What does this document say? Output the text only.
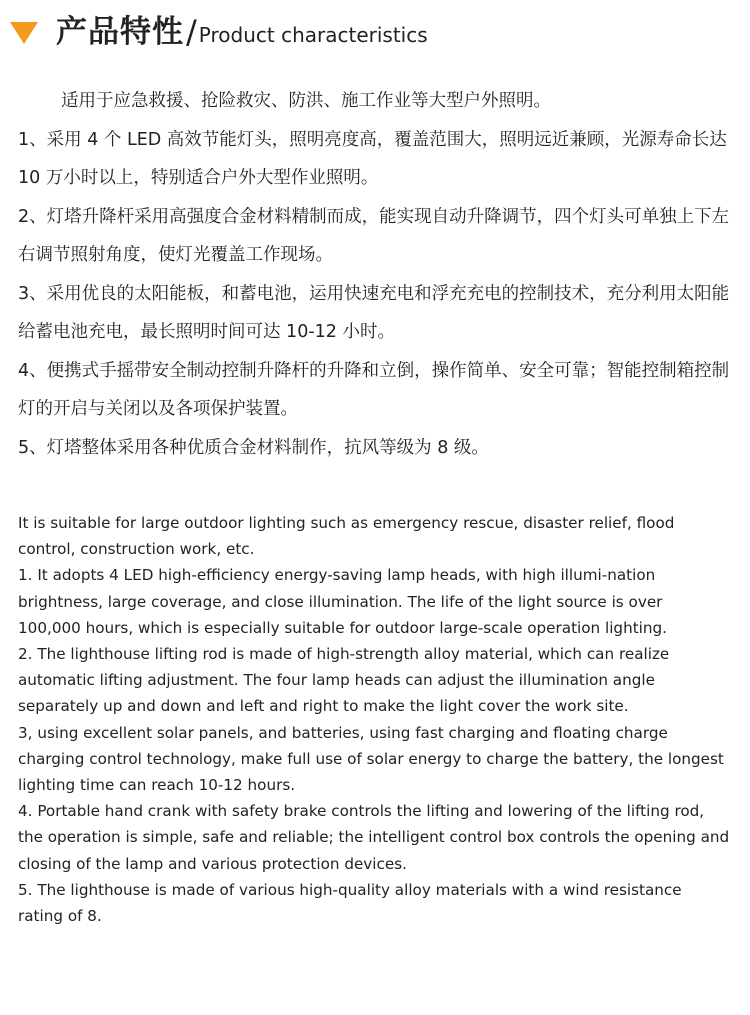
产品特性 / Product characteristics

适用于应急救援、抢险救灾、防洪、施工作业等大型户外照明。

1、采用 4 个 LED 高效节能灯头，照明亮度高，覆盖范围大，照明远近兼顾，光源寿命长达 10 万小时以上，特别适合户外大型作业照明。

2、灯塔升降杆采用高强度合金材料精制而成，能实现自动升降调节，四个灯头可单独上下左右调节照射角度，使灯光覆盖工作现场。

3、采用优良的太阳能板，和蓄电池，运用快速充电和浮充充电的控制技术，充分利用太阳能给蓄电池充电，最长照明时间可达 10-12 小时。

4、便携式手摇带安全制动控制升降杆的升降和立倒，操作简单、安全可靠；智能控制箱控制灯的开启与关闭以及各项保护装置。

5、灯塔整体采用各种优质合金材料制作，抗风等级为 8 级。

It is suitable for large outdoor lighting such as emergency rescue, disaster relief, flood control, construction work, etc.

1. It adopts 4 LED high-efficiency energy-saving lamp heads, with high illumi-nation brightness, large coverage, and close illumination. The life of the light source is over 100,000 hours, which is especially suitable for outdoor large-scale operation lighting.

2. The lighthouse lifting rod is made of high-strength alloy material, which can realize automatic lifting adjustment. The four lamp heads can adjust the illumination angle separately up and down and left and right to make the light cover the work site.

3, using excellent solar panels, and batteries, using fast charging and floating charge charging control technology, make full use of solar energy to charge the battery, the longest lighting time can reach 10-12 hours.

4. Portable hand crank with safety brake controls the lifting and lowering of the lifting rod, the operation is simple, safe and reliable; the intelligent control box controls the opening and closing of the lamp and various protection devices.

5. The lighthouse is made of various high-quality alloy materials with a wind resistance rating of 8.
